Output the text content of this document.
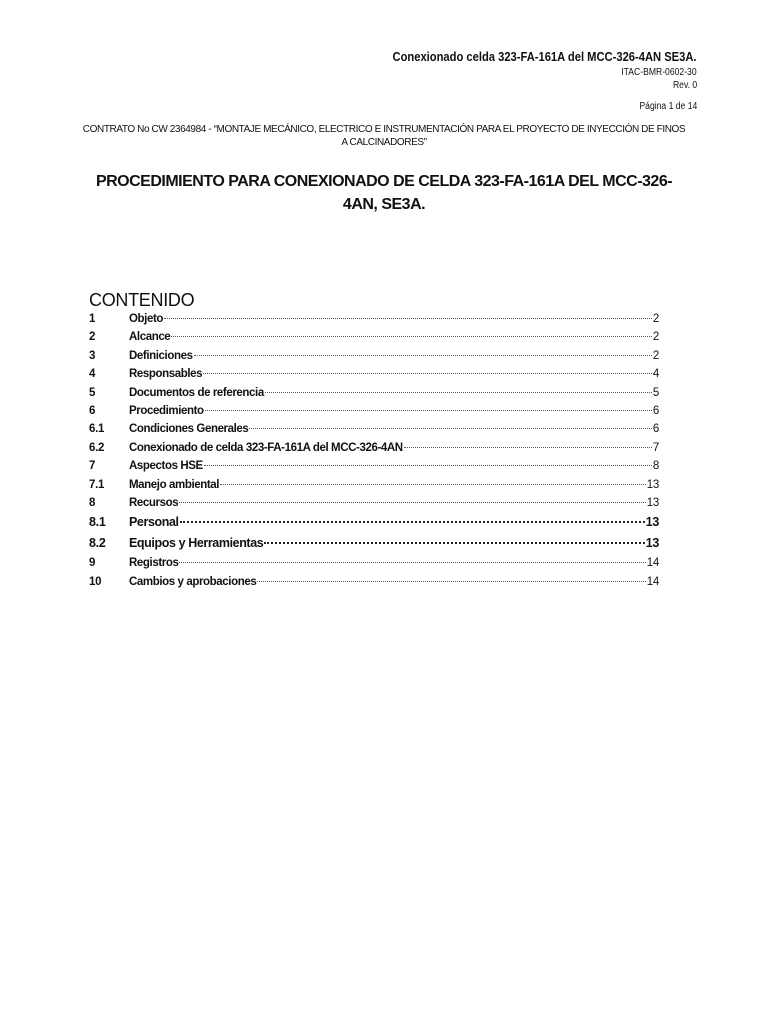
Conexionado celda 323-FA-161A del MCC-326-4AN SE3A.
ITAC-BMR-0602-30
Rev. 0
Página 1 de 14
CONTRATO No CW 2364984 - “MONTAJE MECÁNICO, ELECTRICO E INSTRUMENTACIÓN PARA EL PROYECTO DE INYECCIÓN DE FINOS A CALCINADORES”
PROCEDIMIENTO PARA CONEXIONADO DE CELDA 323-FA-161A DEL MCC-326-4AN, SE3A.
CONTENIDO
1	Objeto	2
2	Alcance	2
3	Definiciones	2
4	Responsables	4
5	Documentos de referencia	5
6	Procedimiento	6
6.1	Condiciones Generales	6
6.2	Conexionado de celda 323-FA-161A del MCC-326-4AN	7
7	Aspectos HSE	8
7.1	Manejo ambiental	13
8	Recursos	13
8.1	Personal	13
8.2	Equipos y Herramientas	13
9	Registros	14
10	Cambios y aprobaciones	14
